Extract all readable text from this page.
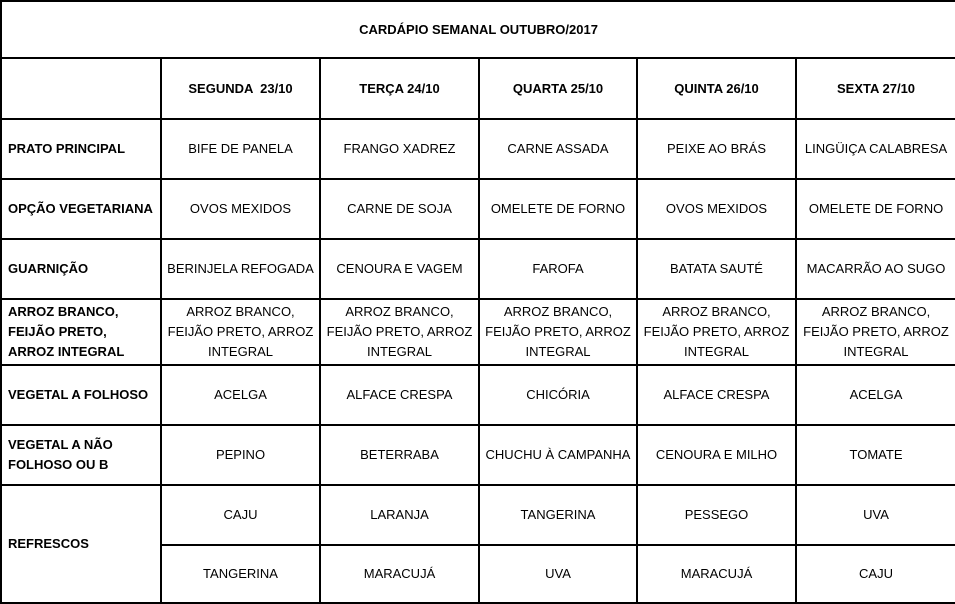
CARDÁPIO SEMANAL OUTUBRO/2017					
	SEGUNDA  23/10	TERÇA 24/10	QUARTA 25/10	QUINTA 26/10	SEXTA 27/10
PRATO PRINCIPAL	BIFE DE PANELA	FRANGO XADREZ	CARNE ASSADA	PEIXE AO BRÁS	LINGÜIÇA CALABRESA
OPÇÃO VEGETARIANA	OVOS MEXIDOS	CARNE DE SOJA	OMELETE DE FORNO	OVOS MEXIDOS	OMELETE DE FORNO
GUARNIÇÃO	BERINJELA REFOGADA	CENOURA E VAGEM	FAROFA	BATATA SAUTÉ	MACARRÃO AO SUGO
ARROZ BRANCO, FEIJÃO PRETO, ARROZ INTEGRAL	ARROZ BRANCO, FEIJÃO PRETO, ARROZ INTEGRAL	ARROZ BRANCO, FEIJÃO PRETO, ARROZ INTEGRAL	ARROZ BRANCO, FEIJÃO PRETO, ARROZ INTEGRAL	ARROZ BRANCO, FEIJÃO PRETO, ARROZ INTEGRAL	ARROZ BRANCO, FEIJÃO PRETO, ARROZ INTEGRAL
VEGETAL A FOLHOSO	ACELGA	ALFACE CRESPA	CHICÓRIA	ALFACE CRESPA	ACELGA
VEGETAL A NÃO FOLHOSO OU B	PEPINO	BETERRABA	CHUCHU À CAMPANHA	CENOURA E MILHO	TOMATE
REFRESCOS	CAJU	LARANJA	TANGERINA	PESSEGO	UVA
	TANGERINA	MARACUJÁ	UVA	MARACUJÁ	CAJU
